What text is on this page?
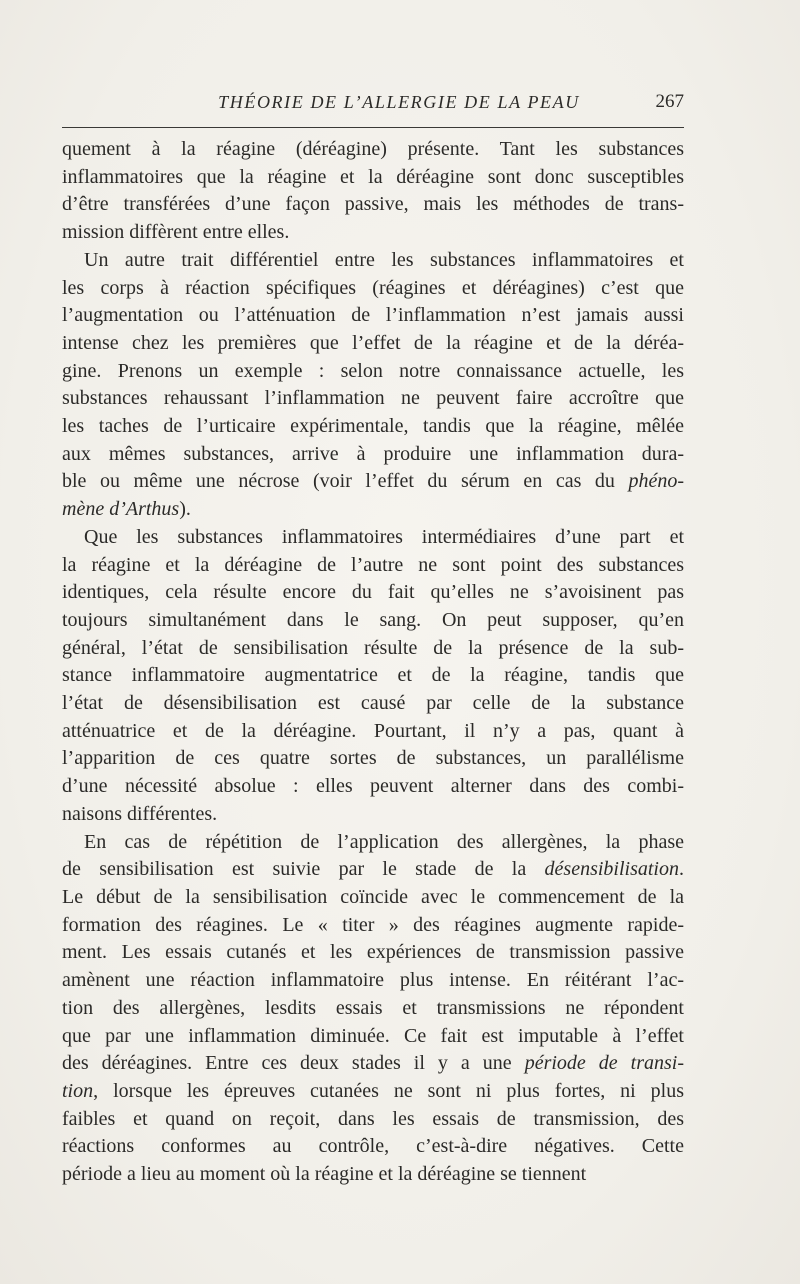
THÉORIE DE L’ALLERGIE DE LA PEAU	267
quement à la réagine (déréagine) présente. Tant les substances
inflammatoires que la réagine et la déréagine sont donc susceptibles
d’être transférées d’une façon passive, mais les méthodes de trans-
mission diffèrent entre elles.
Un autre trait différentiel entre les substances inflammatoires et
les corps à réaction spécifiques (réagines et déréagines) c’est que
l’augmentation ou l’atténuation de l’inflammation n’est jamais aussi
intense chez les premières que l’effet de la réagine et de la déréa-
gine. Prenons un exemple : selon notre connaissance actuelle, les
substances rehaussant l’inflammation ne peuvent faire accroître que
les taches de l’urticaire expérimentale, tandis que la réagine, mêlée
aux mêmes substances, arrive à produire une inflammation dura-
ble ou même une nécrose (voir l’effet du sérum en cas du phéno-
mène d’Arthus).
Que les substances inflammatoires intermédiaires d’une part et
la réagine et la déréagine de l’autre ne sont point des substances
identiques, cela résulte encore du fait qu’elles ne s’avoisinent pas
toujours simultanément dans le sang. On peut supposer, qu’en
général, l’état de sensibilisation résulte de la présence de la sub-
stance inflammatoire augmentatrice et de la réagine, tandis que
l’état de désensibilisation est causé par celle de la substance
atténuatrice et de la déréagine. Pourtant, il n’y a pas, quant à
l’apparition de ces quatre sortes de substances, un parallélisme
d’une nécessité absolue : elles peuvent alterner dans des combi-
naisons différentes.
En cas de répétition de l’application des allergènes, la phase
de sensibilisation est suivie par le stade de la désensibilisation.
Le début de la sensibilisation coïncide avec le commencement de la
formation des réagines. Le « titer » des réagines augmente rapide-
ment. Les essais cutanés et les expériences de transmission passive
amènent une réaction inflammatoire plus intense. En réitérant l’ac-
tion des allergènes, lesdits essais et transmissions ne répondent
que par une inflammation diminuée. Ce fait est imputable à l’effet
des déréagines. Entre ces deux stades il y a une période de transi-
tion, lorsque les épreuves cutanées ne sont ni plus fortes, ni plus
faibles et quand on reçoit, dans les essais de transmission, des
réactions conformes au contrôle, c’est-à-dire négatives. Cette
période a lieu au moment où la réagine et la déréagine se tiennent
